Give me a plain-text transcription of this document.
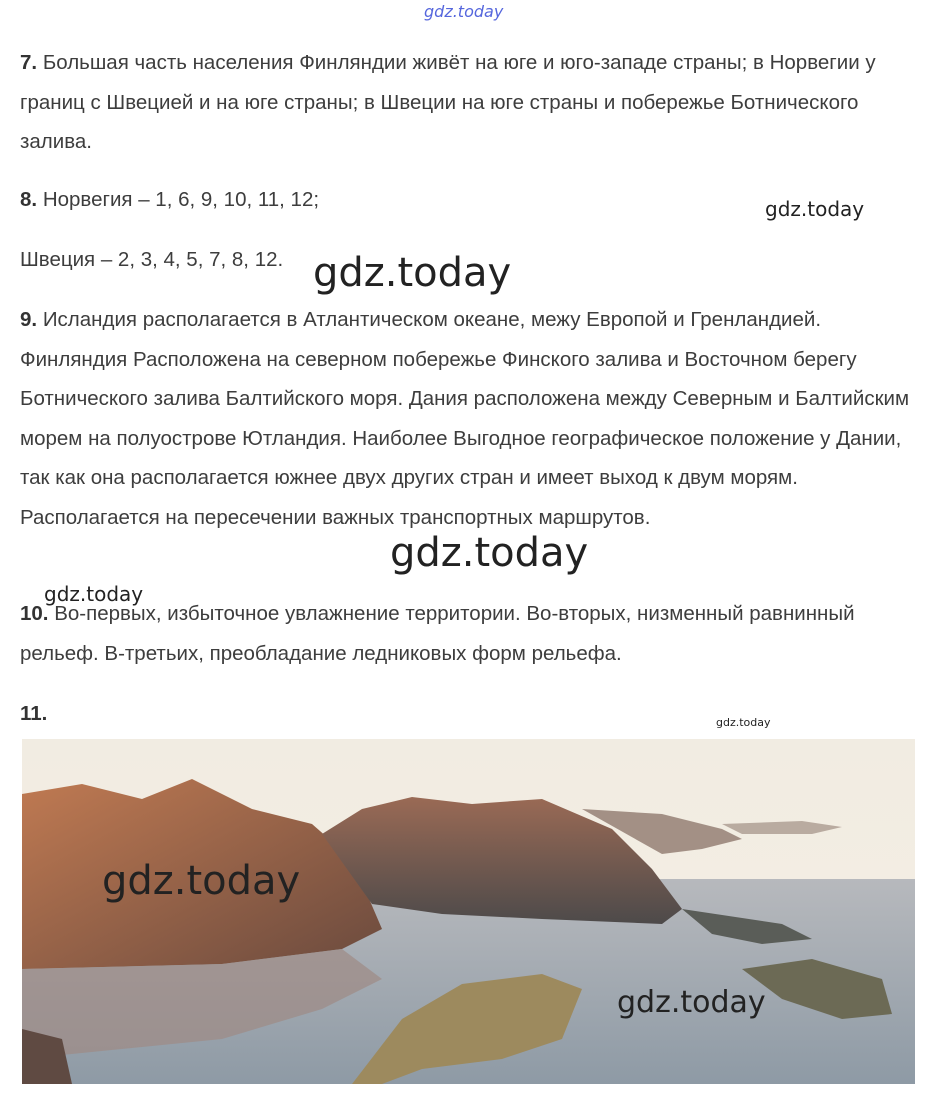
gdz.today
7. Большая часть населения Финляндии живёт на юге и юго-западе страны; в Норвегии у границ с Швецией и на юге страны; в Швеции на юге страны и побережье Ботнического залива.
8. Норвегия – 1, 6, 9, 10, 11, 12;	gdz.today
Швеция – 2, 3, 4, 5, 7, 8, 12. gdz.today
9. Исландия располагается в Атлантическом океане, межу Европой и Гренландией. Финляндия Расположена на северном побережье Финского залива и Восточном берегу Ботнического залива Балтийского моря. Дания расположена между Северным и Балтийским морем на полуострове Ютландия. Наиболее Выгодное географическое положение у Дании, так как она располагается южнее двух других стран и имеет выход к двум морям. Располагается на пересечении важных транспортных маршрутов.
gdz.today
gdz.today
10. Во-первых, избыточное увлажнение территории. Во-вторых, низменный равнинный рельеф. В-третьих, преобладание ледниковых форм рельефа.
11.	gdz.today
gdz.today
gdz.today
